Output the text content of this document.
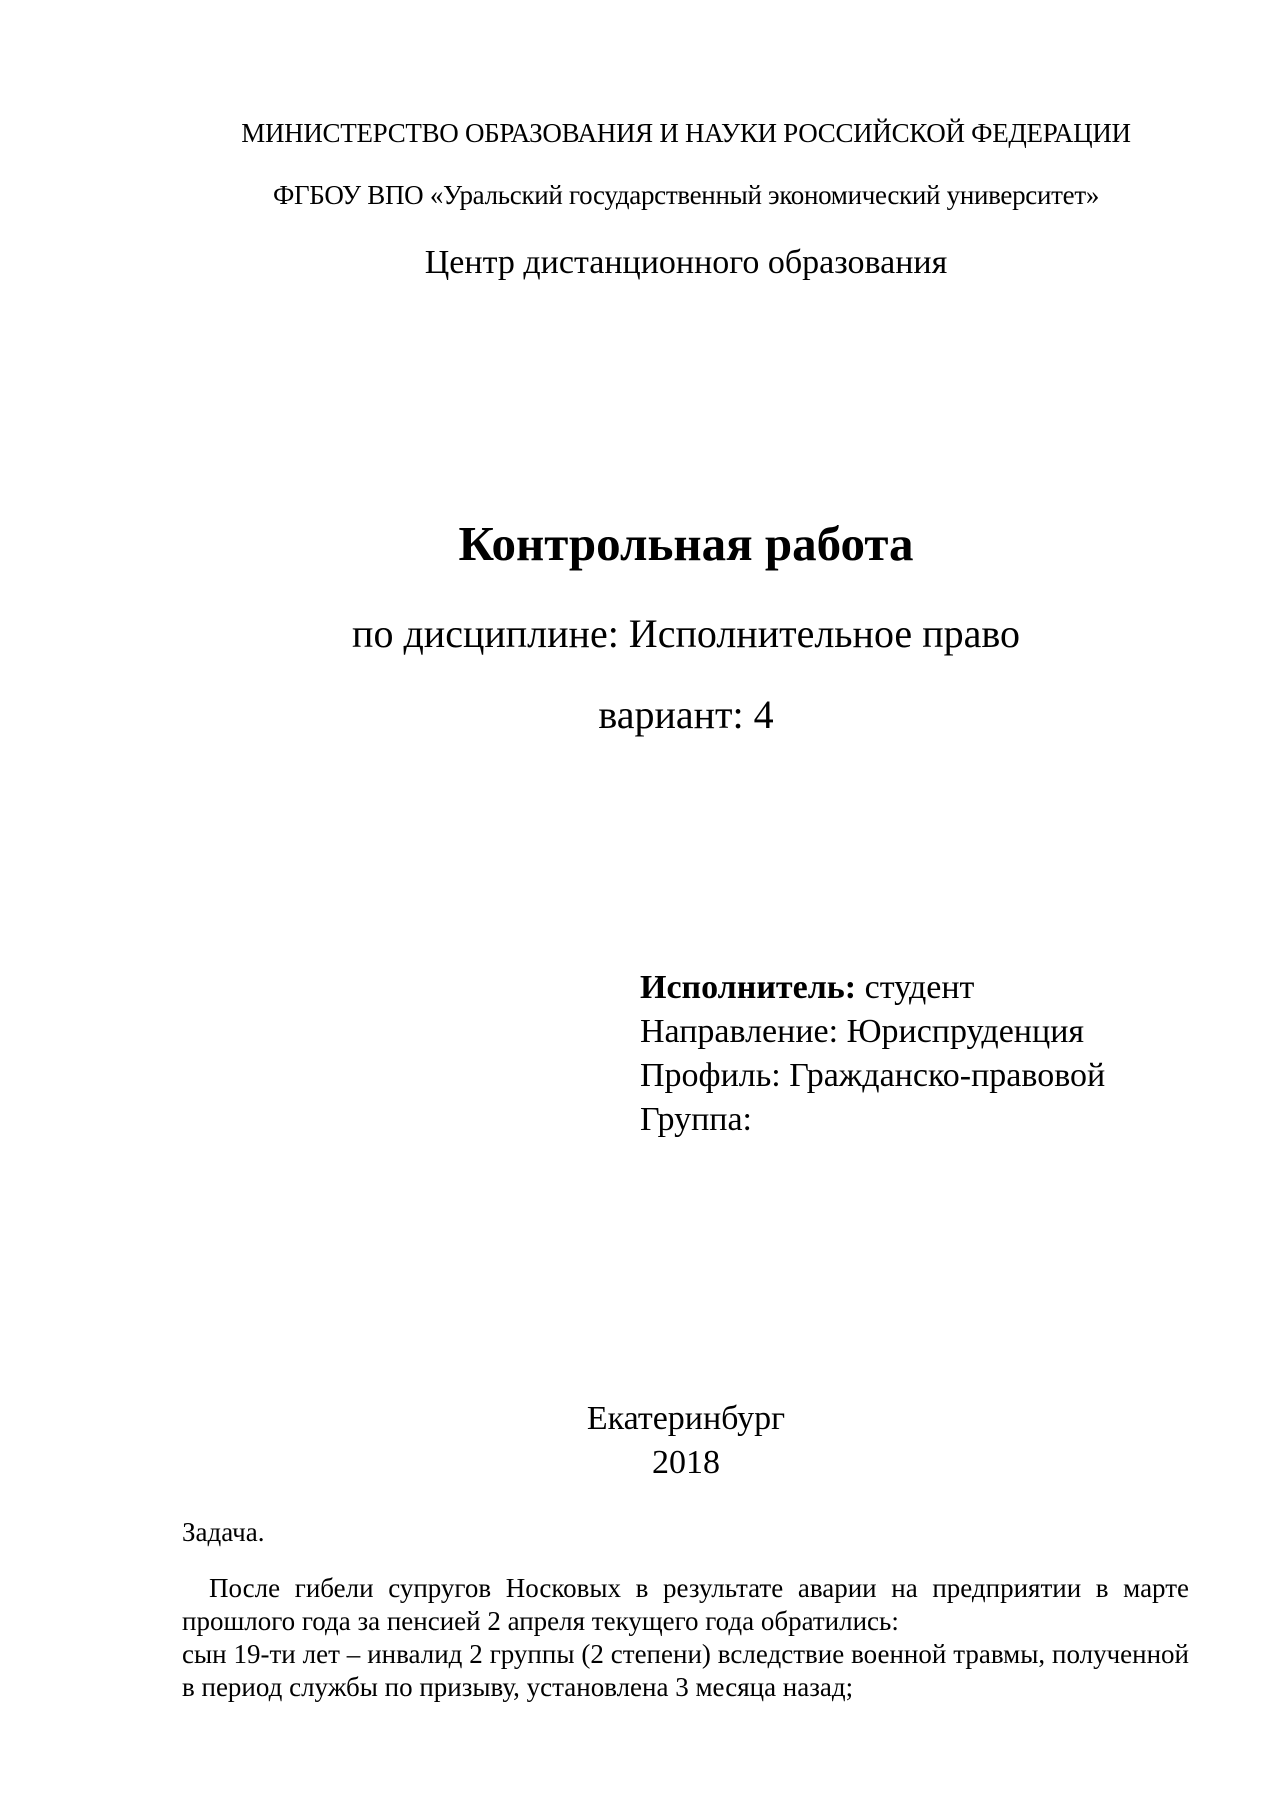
МИНИСТЕРСТВО ОБРАЗОВАНИЯ И НАУКИ РОССИЙСКОЙ ФЕДЕРАЦИИ
ФГБОУ ВПО «Уральский государственный экономический университет»
Центр дистанционного образования
Контрольная работа
по дисциплине: Исполнительное право
вариант: 4
Исполнитель: студент
Направление: Юриспруденция
Профиль: Гражданско-правовой
Группа:
Екатеринбург
2018
Задача.

После гибели супругов Носковых в результате аварии на предприятии в марте прошлого года за пенсией 2 апреля текущего года обратились:

сын 19-ти лет – инвалид 2 группы (2 степени) вследствие военной травмы, полученной в период службы по призыву, установлена 3 месяца назад;
